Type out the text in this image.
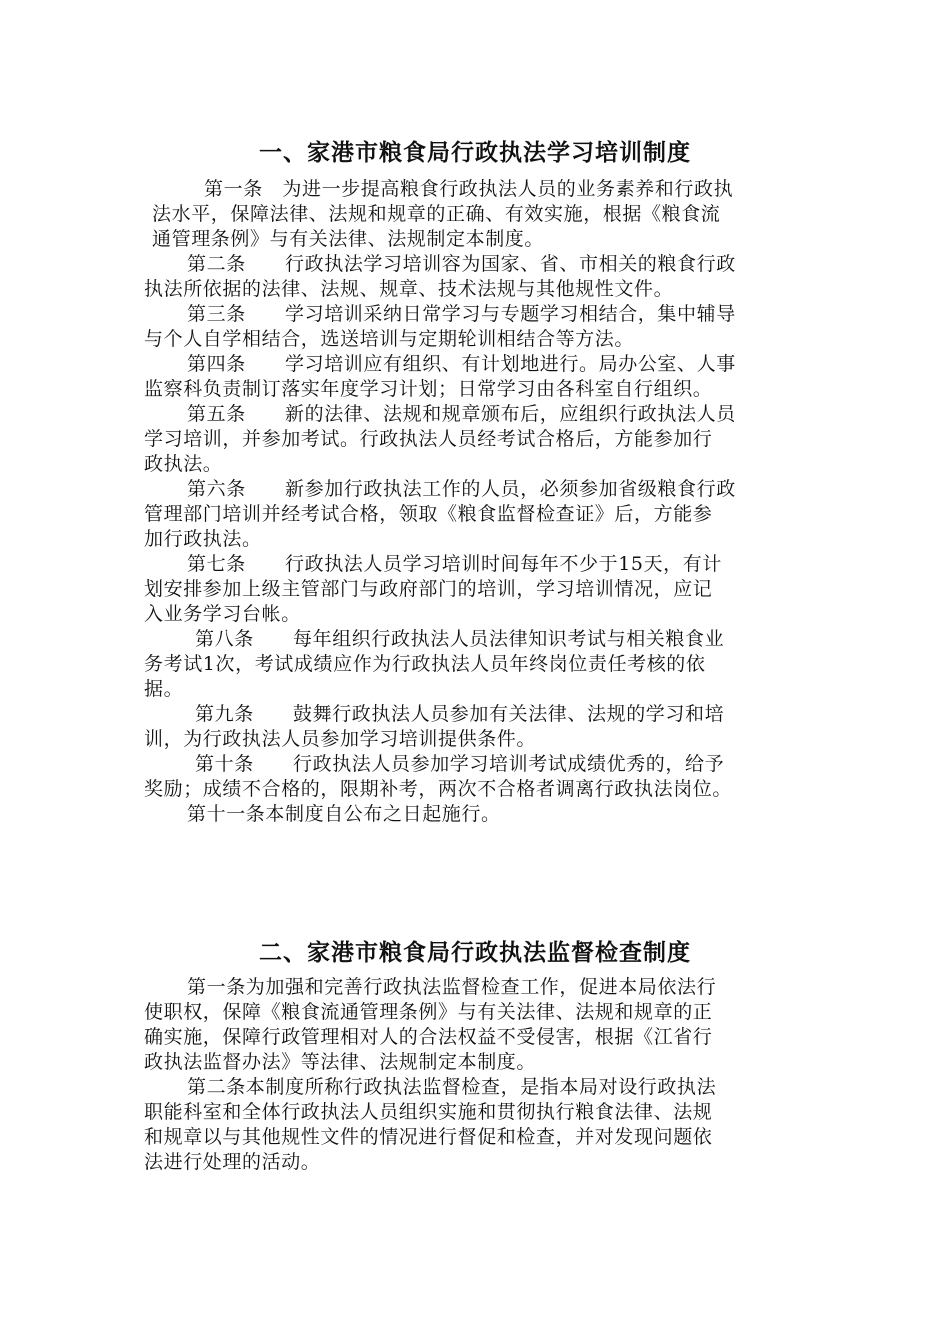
一、家港市粮食局行政执法学习培训制度

第一条　为进一步提高粮食行政执法人员的业务素养和行政执

法水平，保障法律、法规和规章的正确、有效实施，根据《粮食流

通管理条例》与有关法律、法规制定本制度。

第二条　　行政执法学习培训容为国家、省、市相关的粮食行政

执法所依据的法律、法规、规章、技术法规与其他规性文件。

第三条　　学习培训采纳日常学习与专题学习相结合，集中辅导

与个人自学相结合，选送培训与定期轮训相结合等方法。

第四条　　学习培训应有组织、有计划地进行。局办公室、人事

监察科负责制订落实年度学习计划；日常学习由各科室自行组织。

第五条　　新的法律、法规和规章颁布后，应组织行政执法人员

学习培训，并参加考试。行政执法人员经考试合格后，方能参加行

政执法。

第六条　　新参加行政执法工作的人员，必须参加省级粮食行政

管理部门培训并经考试合格，领取《粮食监督检查证》后，方能参

加行政执法。

第七条　　行政执法人员学习培训时间每年不少于15天，有计

划安排参加上级主管部门与政府部门的培训，学习培训情况，应记

入业务学习台帐。

第八条　　每年组织行政执法人员法律知识考试与相关粮食业

务考试1次，考试成绩应作为行政执法人员年终岗位责任考核的依

据。

第九条　　鼓舞行政执法人员参加有关法律、法规的学习和培

训，为行政执法人员参加学习培训提供条件。

第十条　　行政执法人员参加学习培训考试成绩优秀的，给予

奖励；成绩不合格的，限期补考，两次不合格者调离行政执法岗位。

第十一条本制度自公布之日起施行。

二、家港市粮食局行政执法监督检查制度

第一条为加强和完善行政执法监督检查工作，促进本局依法行

使职权，保障《粮食流通管理条例》与有关法律、法规和规章的正

确实施，保障行政管理相对人的合法权益不受侵害，根据《江省行

政执法监督办法》等法律、法规制定本制度。

第二条本制度所称行政执法监督检查，是指本局对设行政执法

职能科室和全体行政执法人员组织实施和贯彻执行粮食法律、法规

和规章以与其他规性文件的情况进行督促和检查，并对发现问题依

法进行处理的活动。
